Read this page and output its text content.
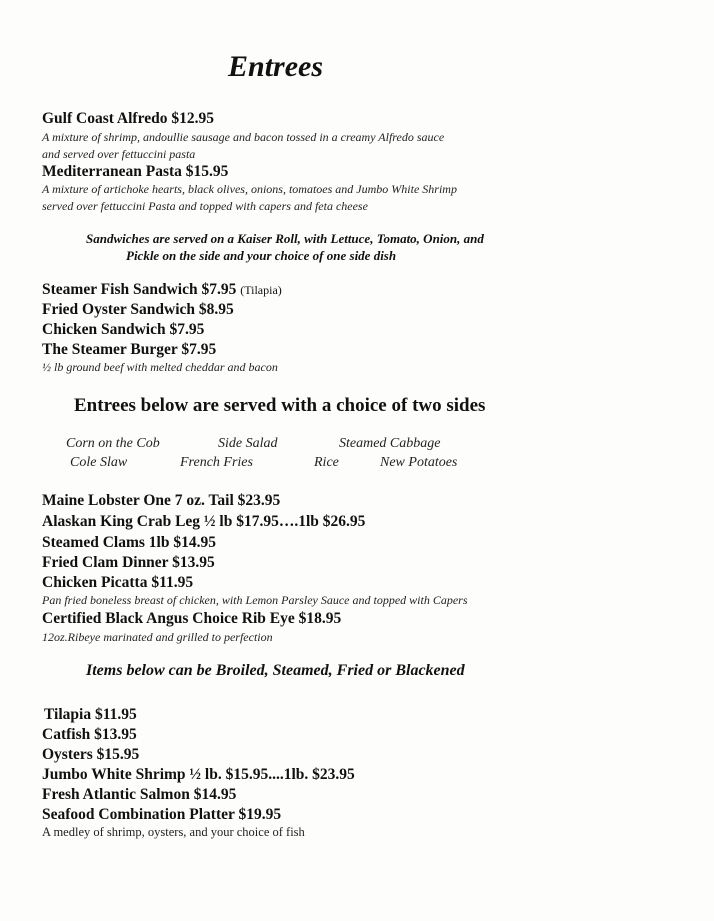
Entrees
Gulf Coast Alfredo $12.95
A mixture of shrimp, andoullie sausage and bacon tossed in a creamy Alfredo sauce
and served over fettuccini pasta
Mediterranean Pasta $15.95
A mixture of artichoke hearts, black olives, onions, tomatoes and Jumbo White Shrimp
served over fettuccini Pasta and topped with capers and feta cheese
Sandwiches are served on a Kaiser Roll, with Lettuce, Tomato, Onion, and
Pickle on the side and your choice of one side dish
Steamer Fish Sandwich $7.95 (Tilapia)
Fried Oyster Sandwich $8.95
Chicken Sandwich $7.95
The Steamer Burger $7.95
½ lb ground beef with melted cheddar and bacon
Entrees below are served with a choice of two sides
Corn on the Cob	Side Salad	Steamed Cabbage
Cole Slaw	French Fries	Rice	New Potatoes
Maine Lobster One 7 oz. Tail $23.95
Alaskan King Crab Leg ½ lb $17.95….1lb $26.95
Steamed Clams 1lb $14.95
Fried Clam Dinner $13.95
Chicken Picatta $11.95
Pan fried boneless breast of chicken, with Lemon Parsley Sauce and topped with Capers
Certified Black Angus Choice Rib Eye $18.95
12oz.Ribeye marinated and grilled to perfection
Items below can be Broiled, Steamed, Fried or Blackened
Tilapia $11.95
Catfish $13.95
Oysters $15.95
Jumbo White Shrimp ½ lb. $15.95....1lb. $23.95
Fresh Atlantic Salmon $14.95
Seafood Combination Platter $19.95
A medley of shrimp, oysters, and your choice of fish
